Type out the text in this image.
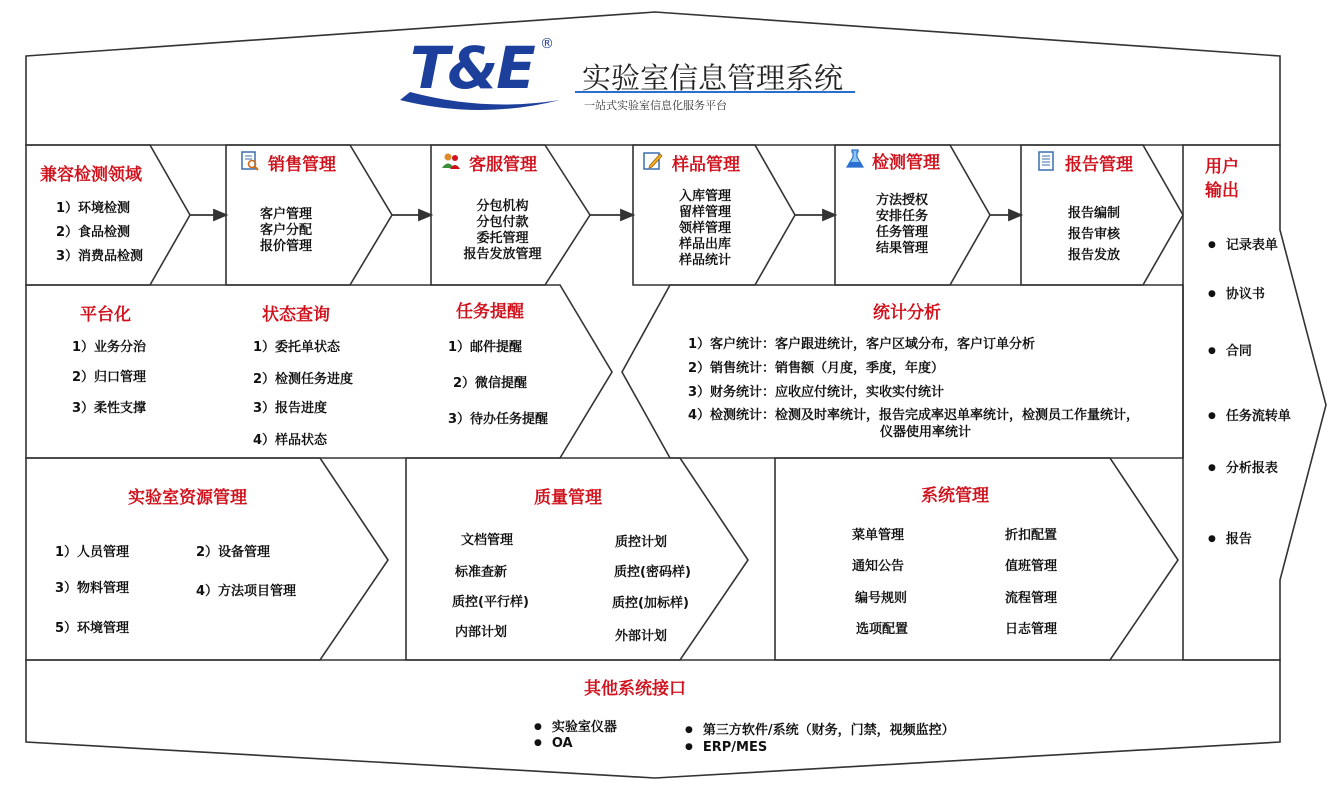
T&E ®
实验室信息管理系统
一站式实验室信息化服务平台
兼容检测领域
1）环境检测
2）食品检测
3）消费品检测
销售管理
客户管理
客户分配
报价管理
客服管理
分包机构
分包付款
委托管理
报告发放管理
样品管理
入库管理
留样管理
领样管理
样品出库
样品统计
检测管理
方法授权
安排任务
任务管理
结果管理
报告管理
报告编制
报告审核
报告发放
用户
输出
● 记录表单
● 协议书
● 合同
● 任务流转单
● 分析报表
● 报告
平台化
1）业务分治
2）归口管理
3）柔性支撑
状态查询
1）委托单状态
2）检测任务进度
3）报告进度
4）样品状态
任务提醒
1）邮件提醒
2）微信提醒
3）待办任务提醒
统计分析
1）客户统计：客户跟进统计，客户区域分布，客户订单分析
2）销售统计：销售额（月度，季度，年度）
3）财务统计：应收应付统计，实收实付统计
4）检测统计：检测及时率统计，报告完成率迟单率统计，检测员工作量统计，
仪器使用率统计
实验室资源管理
1）人员管理	2）设备管理
3）物料管理	4）方法项目管理
5）环境管理
质量管理
文档管理	质控计划
标准查新	质控(密码样)
质控(平行样)	质控(加标样)
内部计划	外部计划
系统管理
菜单管理	折扣配置
通知公告	值班管理
编号规则	流程管理
选项配置	日志管理
其他系统接口
● 实验室仪器
● OA
● 第三方软件/系统（财务，门禁，视频监控）
● ERP/MES
